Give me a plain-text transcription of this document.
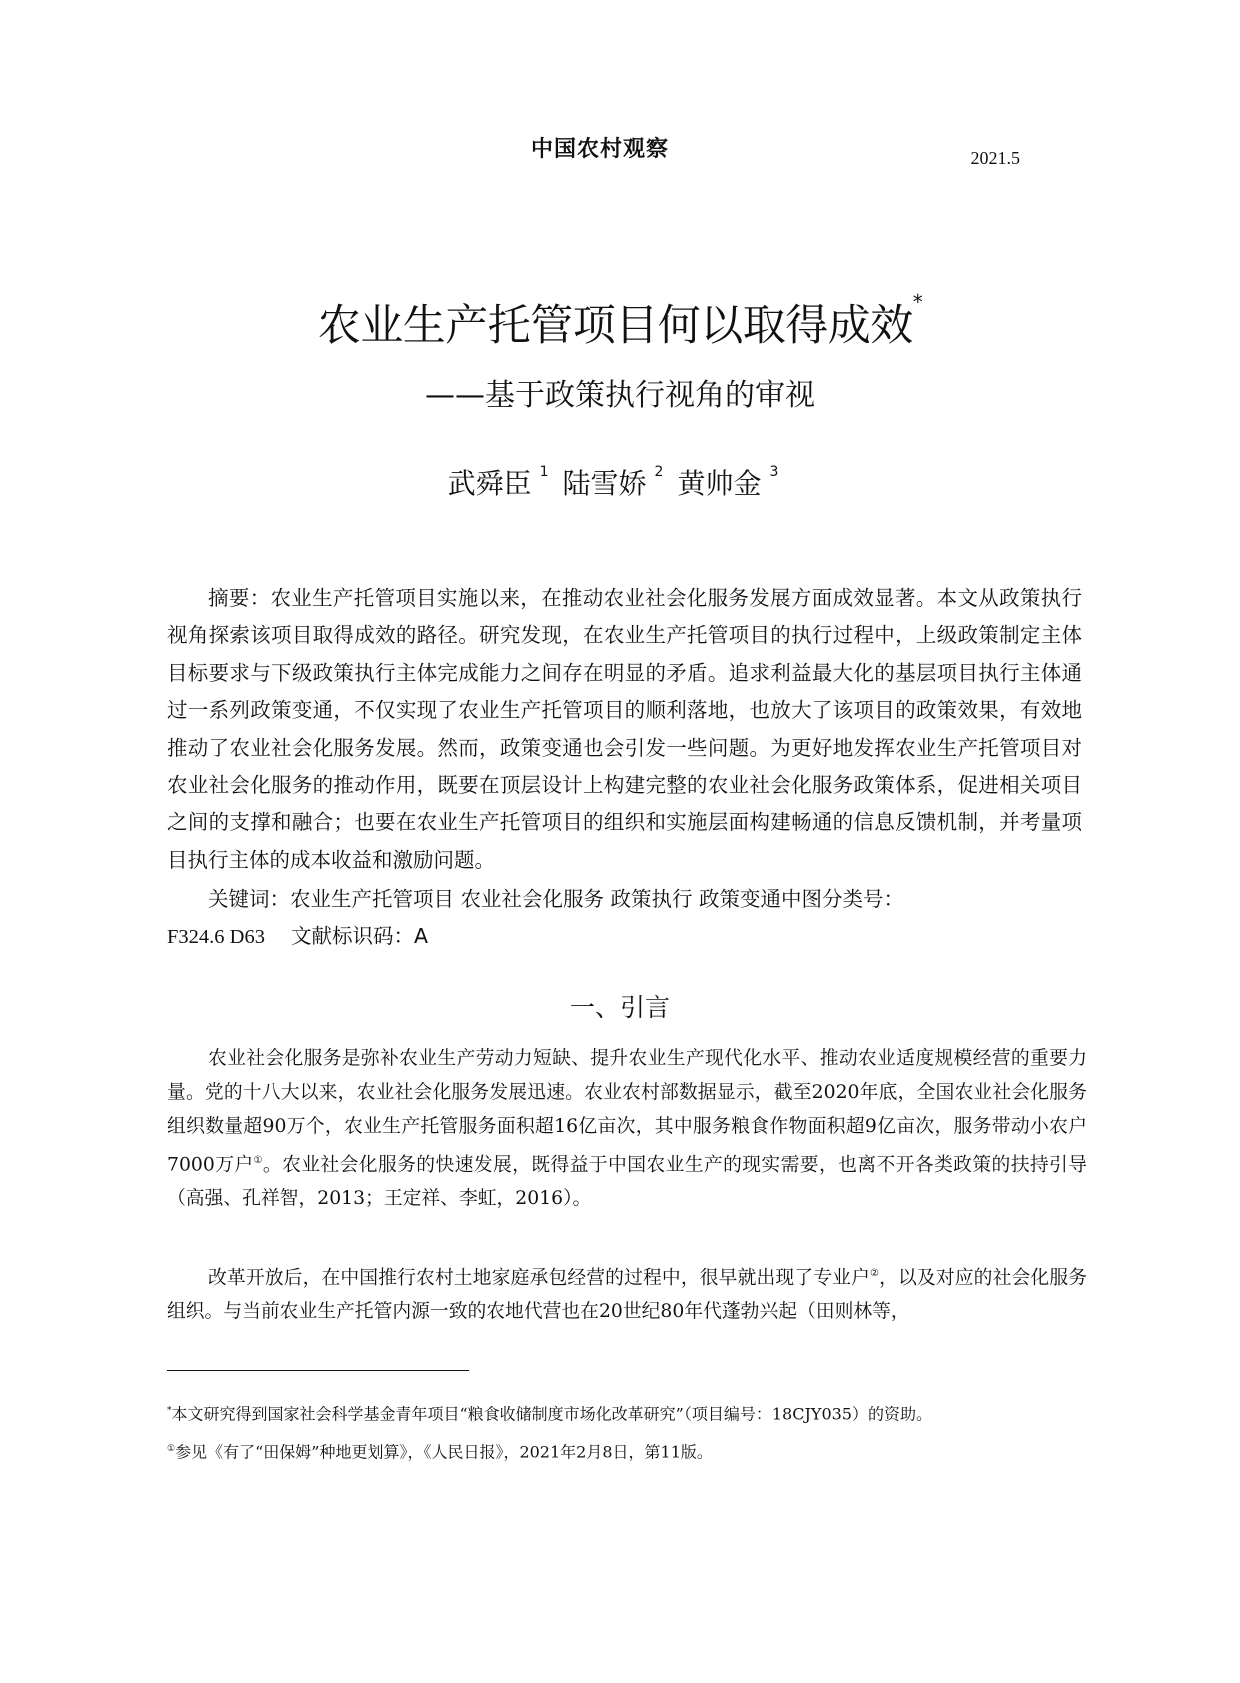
中国农村观察	2021.5
农业生产托管项目何以取得成效*
——基于政策执行视角的审视
武舜臣 $^1$ 陆雪娇 $^2$ 黄帅金 $^3$

摘要：农业生产托管项目实施以来，在推动农业社会化服务发展方面成效显著。本文从政策执行视角探索该项目取得成效的路径。研究发现，在农业生产托管项目的执行过程中，上级政策制定主体目标要求与下级政策执行主体完成能力之间存在明显的矛盾。追求利益最大化的基层项目执行主体通过一系列政策变通，不仅实现了农业生产托管项目的顺利落地，也放大了该项目的政策效果，有效地推动了农业社会化服务发展。然而，政策变通也会引发一些问题。为更好地发挥农业生产托管项目对农业社会化服务的推动作用，既要在顶层设计上构建完整的农业社会化服务政策体系，促进相关项目之间的支撑和融合；也要在农业生产托管项目的组织和实施层面构建畅通的信息反馈机制，并考量项目执行主体的成本收益和激励问题。

关键词：农业生产托管项目 农业社会化服务 政策执行 政策变通中图分类号：
F324.6 D63 文献标识码：A

一、引言

农业社会化服务是弥补农业生产劳动力短缺、提升农业生产现代化水平、推动农业适度规模经营的重要力量。党的十八大以来，农业社会化服务发展迅速。农业农村部数据显示，截至2020年底，全国农业社会化服务组织数量超90万个，农业生产托管服务面积超16亿亩次，其中服务粮食作物面积超9亿亩次，服务带动小农户7000万户①。农业社会化服务的快速发展，既得益于中国农业生产的现实需要，也离不开各类政策的扶持引导（高强、孔祥智，2013；王定祥、李虹，2016）。

改革开放后，在中国推行农村土地家庭承包经营的过程中，很早就出现了专业户②，以及对应的社会化服务组织。与当前农业生产托管内源一致的农地代营也在20世纪80年代蓬勃兴起（田则林等，

*本文研究得到国家社会科学基金青年项目“粮食收储制度市场化改革研究”（项目编号：18CJY035）的资助。

①参见《有了“田保姆”种地更划算》，《人民日报》，2021年2月8日，第11版。
